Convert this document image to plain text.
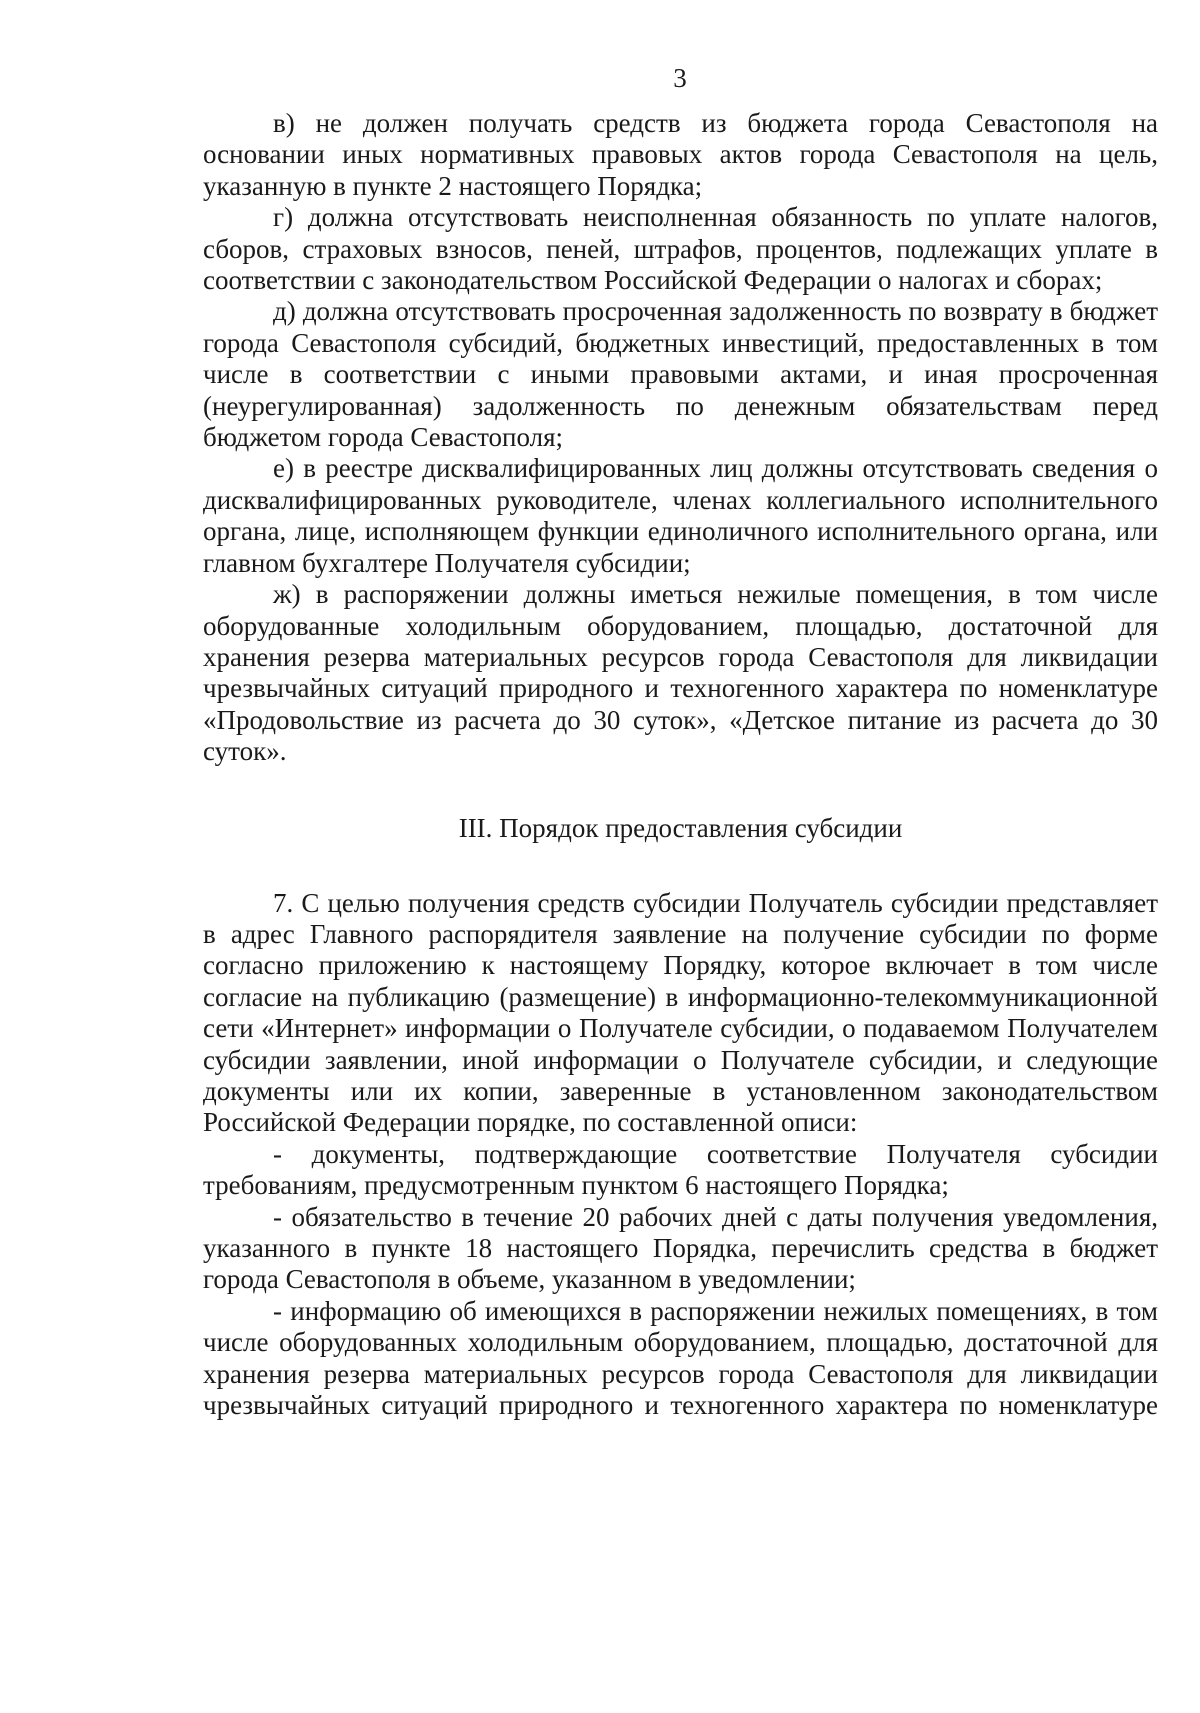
3

в) не должен получать средств из бюджета города Севастополя на основании иных нормативных правовых актов города Севастополя на цель, указанную в пункте 2 настоящего Порядка;

г) должна отсутствовать неисполненная обязанность по уплате налогов, сборов, страховых взносов, пеней, штрафов, процентов, подлежащих уплате в соответствии с законодательством Российской Федерации о налогах и сборах;

д) должна отсутствовать просроченная задолженность по возврату в бюджет города Севастополя субсидий, бюджетных инвестиций, предоставленных в том числе в соответствии с иными правовыми актами, и иная просроченная (неурегулированная) задолженность по денежным обязательствам перед бюджетом города Севастополя;

е) в реестре дисквалифицированных лиц должны отсутствовать сведения о дисквалифицированных руководителе, членах коллегиального исполнительного органа, лице, исполняющем функции единоличного исполнительного органа, или главном бухгалтере Получателя субсидии;

ж) в распоряжении должны иметься нежилые помещения, в том числе оборудованные холодильным оборудованием, площадью, достаточной для хранения резерва материальных ресурсов города Севастополя для ликвидации чрезвычайных ситуаций природного и техногенного характера по номенклатуре «Продовольствие из расчета до 30 суток», «Детское питание из расчета до 30 суток».

III. Порядок предоставления субсидии

7. С целью получения средств субсидии Получатель субсидии представляет в адрес Главного распорядителя заявление на получение субсидии по форме согласно приложению к настоящему Порядку, которое включает в том числе согласие на публикацию (размещение) в информационно-телекоммуникационной сети «Интернет» информации о Получателе субсидии, о подаваемом Получателем субсидии заявлении, иной информации о Получателе субсидии, и следующие документы или их копии, заверенные в установленном законодательством Российской Федерации порядке, по составленной описи:

- документы, подтверждающие соответствие Получателя субсидии требованиям, предусмотренным пунктом 6 настоящего Порядка;

- обязательство в течение 20 рабочих дней с даты получения уведомления, указанного в пункте 18 настоящего Порядка, перечислить средства в бюджет города Севастополя в объеме, указанном в уведомлении;

- информацию об имеющихся в распоряжении нежилых помещениях, в том числе оборудованных холодильным оборудованием, площадью, достаточной для хранения резерва материальных ресурсов города Севастополя для ликвидации чрезвычайных ситуаций природного и техногенного характера по номенклатуре
